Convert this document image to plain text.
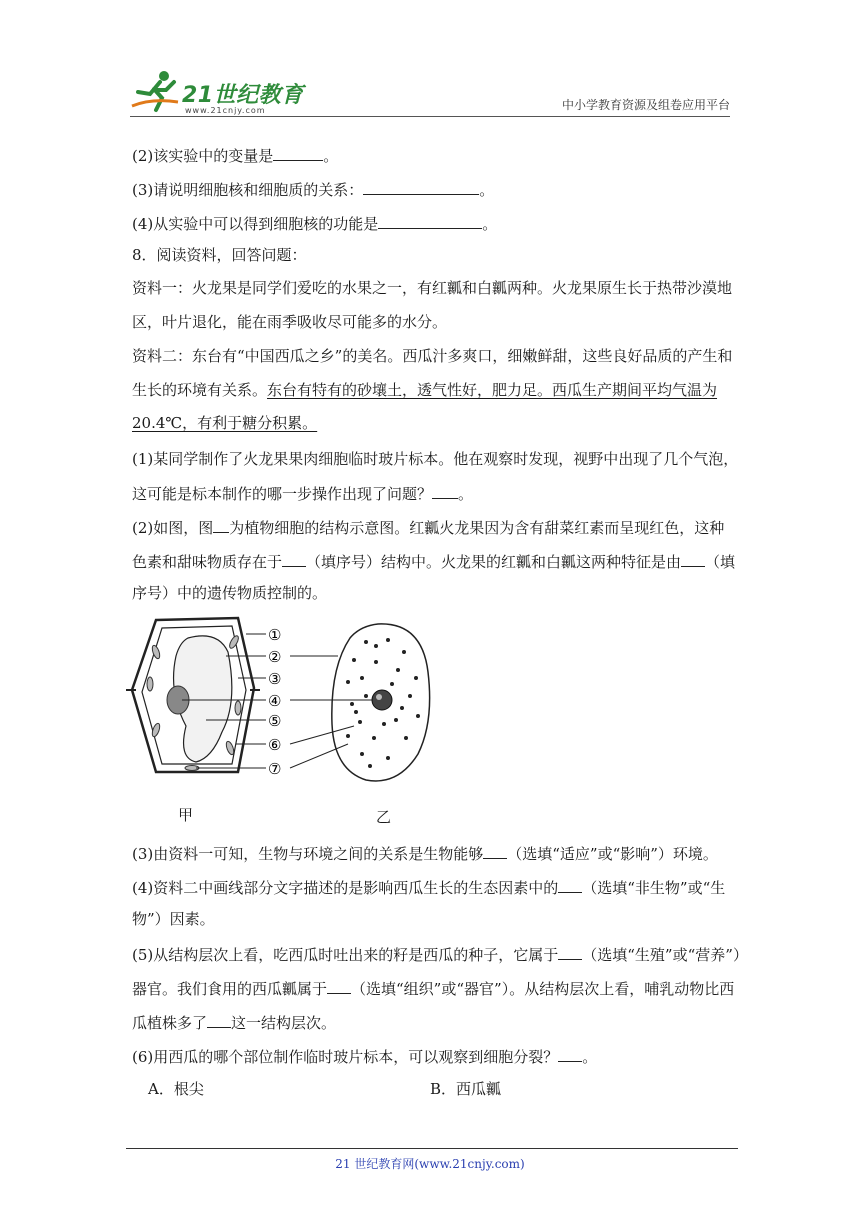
21世纪教育
www.21cnjy.com	中小学教育资源及组卷应用平台
(2)该实验中的变量是	。
(3)请说明细胞核和细胞质的关系：	。
(4)从实验中可以得到细胞核的功能是	。
8．阅读资料，回答问题：
资料一：火龙果是同学们爱吃的水果之一，有红瓤和白瓤两种。火龙果原生长于热带沙漠地
区，叶片退化，能在雨季吸收尽可能多的水分。
资料二：东台有“中国西瓜之乡”的美名。西瓜汁多爽口，细嫩鲜甜，这些良好品质的产生和
生长的环境有关系。东台有特有的砂壤土，透气性好，肥力足。西瓜生产期间平均气温为
20.4℃，有利于糖分积累。
(1)某同学制作了火龙果果肉细胞临时玻片标本。他在观察时发现，视野中出现了几个气泡，
这可能是标本制作的哪一步操作出现了问题？ 。
(2)如图，图 为植物细胞的结构示意图。红瓤火龙果因为含有甜菜红素而呈现红色，这种
色素和甜味物质存在于 （填序号）结构中。火龙果的红瓤和白瓤这两种特征是由 （填
序号）中的遗传物质控制的。
①
②
③
④
⑤
⑥
⑦
甲	乙
(3)由资料一可知，生物与环境之间的关系是生物能够 （选填“适应”或“影响”）环境。
(4)资料二中画线部分文字描述的是影响西瓜生长的生态因素中的 （选填“非生物”或“生
物”）因素。
(5)从结构层次上看，吃西瓜时吐出来的籽是西瓜的种子，它属于 （选填“生殖”或“营养”）
器官。我们食用的西瓜瓤属于 （选填“组织”或“器官”）。从结构层次上看，哺乳动物比西
瓜植株多了 这一结构层次。
(6)用西瓜的哪个部位制作临时玻片标本，可以观察到细胞分裂？ 。
A．根尖	B．西瓜瓤
21 世纪教育网(www.21cnjy.com)
